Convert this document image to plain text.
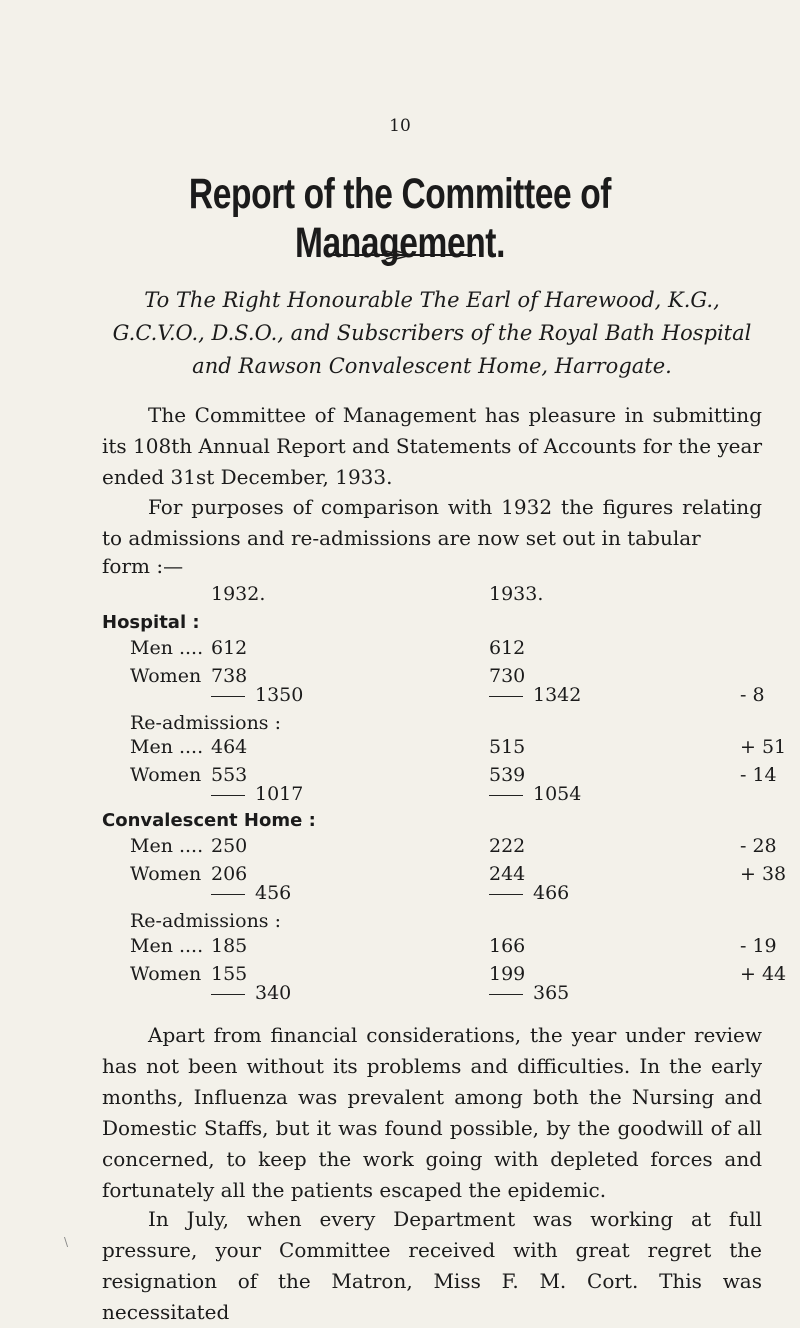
10
Report of the Committee of Management.
To The Right Honourable The Earl of Harewood, K.G., G.C.V.O., D.S.O., and Subscribers of the Royal Bath Hospital and Rawson Convalescent Home, Harrogate.
The Committee of Management has pleasure in submitting its 108th Annual Report and Statements of Accounts for the year ended 31st December, 1933.
For purposes of comparison with 1932 the figures relating to admissions and re-admissions are now set out in tabular
form :—
1932.	1933.
Hospital :
Men .... 612	612
Women 738	730
1350	1342	- 8
Re-admissions :
Men .... 464	515	+ 51
Women 553	539	- 14
1017	1054
Convalescent Home :
Men .... 250	222	- 28
Women 206	244	+ 38
456	466
Re-admissions :
Men .... 185	166	- 19
Women 155	199	+ 44
340	365
Apart from financial considerations, the year under review has not been without its problems and difficulties. In the early months, Influenza was prevalent among both the Nursing and Domestic Staffs, but it was found possible, by the goodwill of all concerned, to keep the work going with depleted forces and fortunately all the patients escaped the epidemic.
\
In July, when every Department was working at full pressure, your Committee received with great regret the resignation of the Matron, Miss F. M. Cort. This was necessitated
